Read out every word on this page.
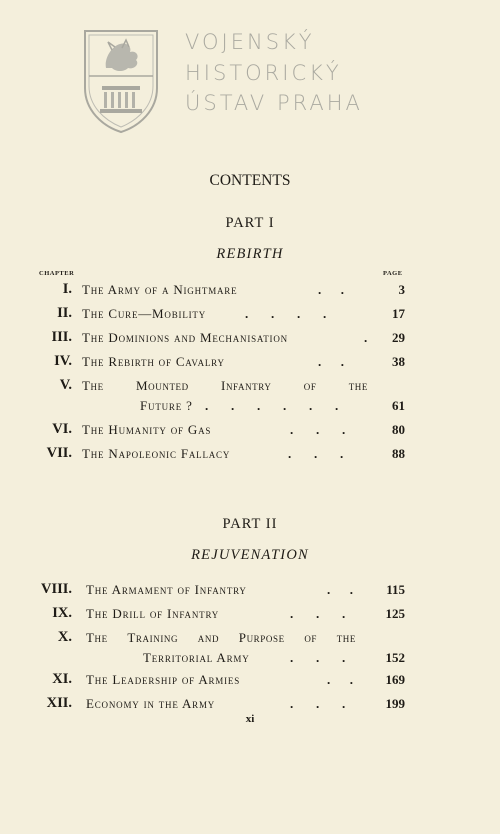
VOJENSKÝ
HISTORICKÝ
ÚSTAV PRAHA
CONTENTS
PART I
REBIRTH
CHAPTER	PAGE
I. The Army of a Nightmare	.      .	3
II. The Cure—Mobility	.       .       .       .	17
III. The Dominions and Mechanisation	.	29
IV. The Rebirth of Cavalry	.      .	38
V. The Mounted Infantry of the
Future ? .       .       .       .       .       .	61
VI. The Humanity of Gas	.       .       .	80
VII. The Napoleonic Fallacy	.       .       .	88
PART II
REJUVENATION
VIII. The Armament of Infantry	.      .	115
IX. The Drill of Infantry	.       .       .	125
X. The Training and Purpose of the
Territorial Army	.       .       .	152
XI. The Leadership of Armies	.      .	169
XII. Economy in the Army	.       .       .	199
xi
